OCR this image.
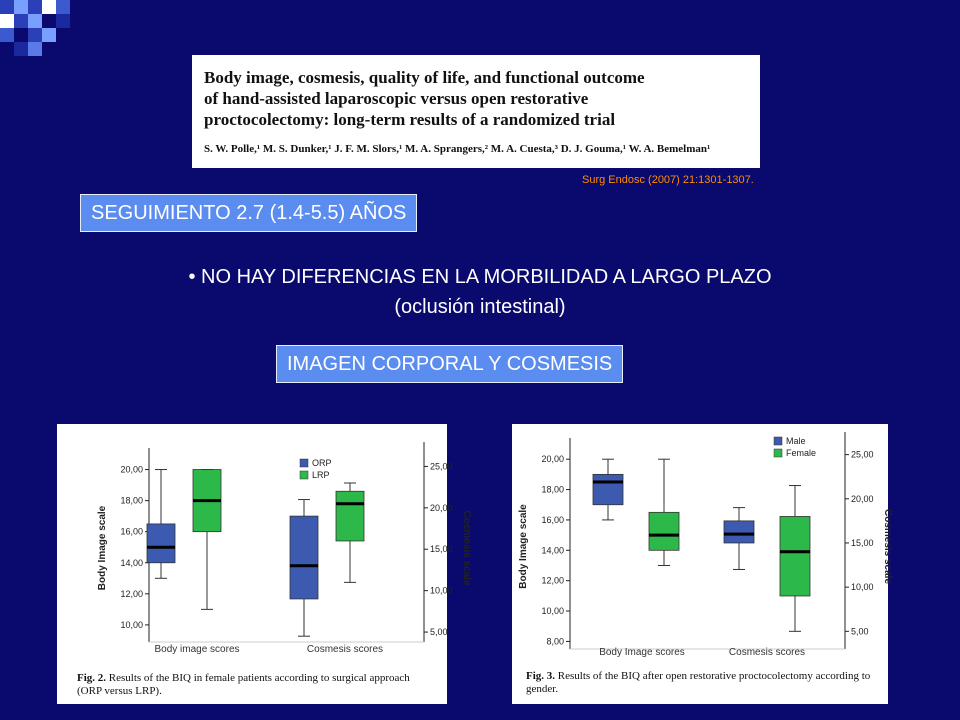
Body image, cosmesis, quality of life, and functional outcome
of hand-assisted laparoscopic versus open restorative
proctocolectomy: long-term results of a randomized trial
S. W. Polle,¹ M. S. Dunker,¹ J. F. M. Slors,¹ M. A. Sprangers,² M. A. Cuesta,³ D. J. Gouma,¹ W. A. Bemelman¹
Surg Endosc (2007) 21:1301-1307.
SEGUIMIENTO 2.7 (1.4-5.5) AÑOS
• NO HAY DIFERENCIAS EN LA MORBILIDAD A LARGO PLAZO
(oclusión intestinal)
IMAGEN CORPORAL Y COSMESIS
20,00
18,00
16,00
14,00
12,00
10,00
25,00
20,00
15,00
10,00
5,00
Body Image scale	Cosmesis scale
ORP
LRP
Body image scores	Cosmesis scores
Fig. 2. Results of the BIQ in female patients according to surgical approach (ORP versus LRP).
20,00
18,00
16,00
14,00
12,00
10,00
8,00
25,00
20,00
15,00
10,00
5,00
Body Image scale	Cosmesis scale
Male
Female
Body Image scores	Cosmesis scores
Fig. 3. Results of the BIQ after open restorative proctocolectomy according to gender.
